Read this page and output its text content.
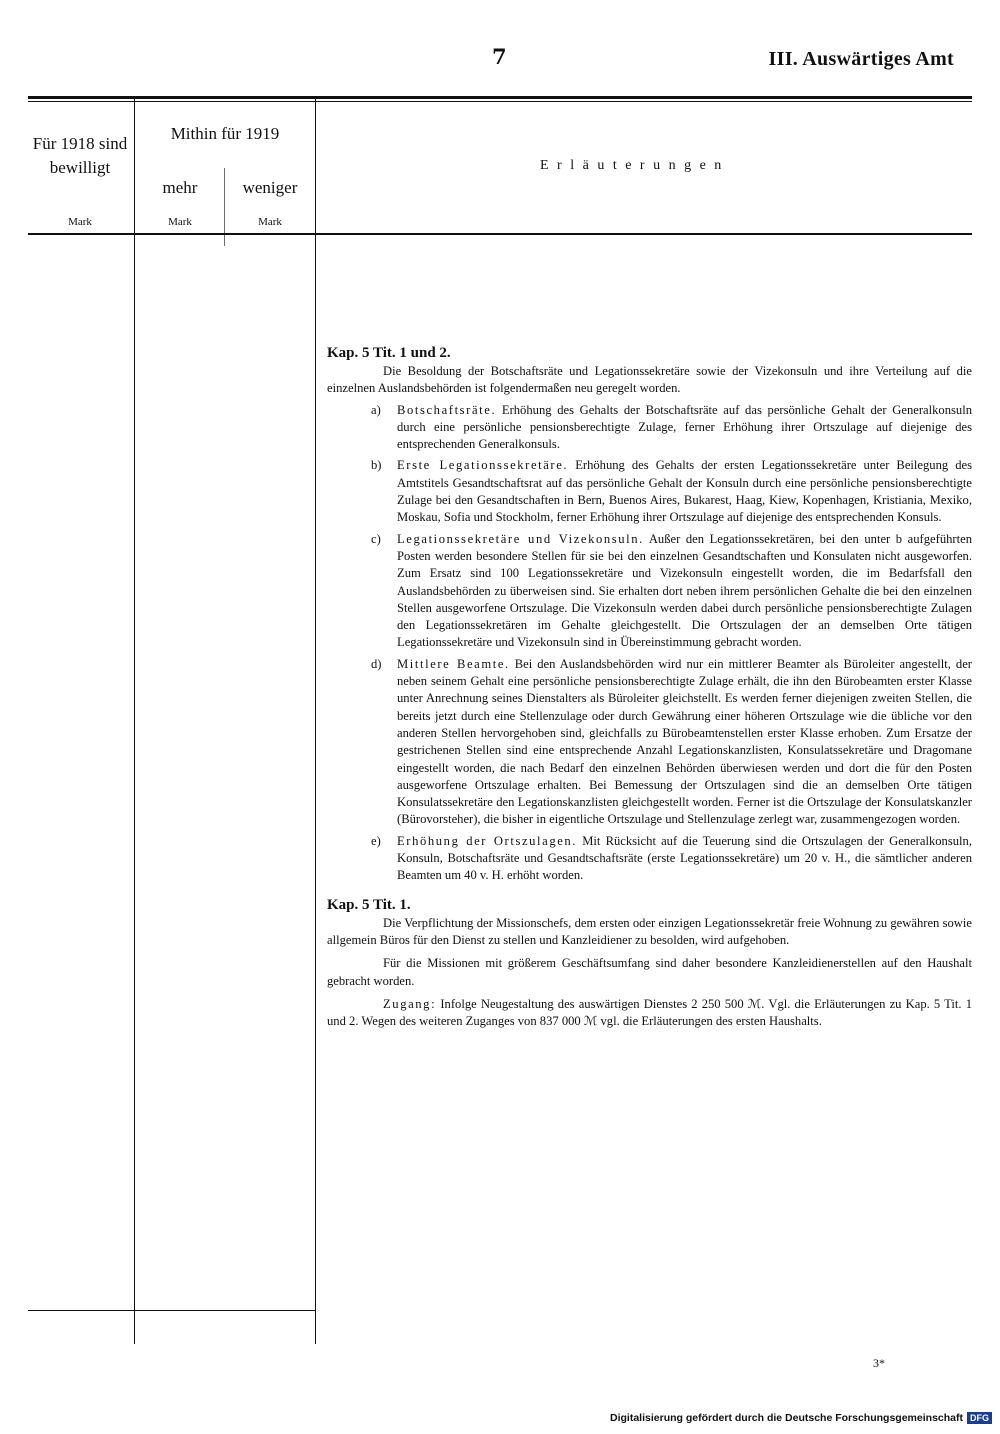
7	III. Auswärtiges Amt
Für 1918 sind bewilligt
Mithin für 1919
mehr	weniger
Mark	Mark	Mark
Erläuterungen

Kap. 5 Tit. 1 und 2.

Die Besoldung der Botschaftsräte und Legationssekretäre sowie der Vizekonsuln und ihre Verteilung auf die einzelnen Auslandsbehörden ist folgendermaßen neu geregelt worden.

a) Botschaftsräte. Erhöhung des Gehalts der Botschaftsräte auf das persönliche Gehalt der Generalkonsuln durch eine persönliche pensionsberechtigte Zulage, ferner Erhöhung ihrer Ortszulage auf diejenige des entsprechenden Generalkonsuls.

b) Erste Legationssekretäre. Erhöhung des Gehalts der ersten Legationssekretäre unter Beilegung des Amtstitels Gesandtschaftsrat auf das persönliche Gehalt der Konsuln durch eine persönliche pensionsberechtigte Zulage bei den Gesandtschaften in Bern, Buenos Aires, Bukarest, Haag, Kiew, Kopenhagen, Kristiania, Mexiko, Moskau, Sofia und Stockholm, ferner Erhöhung ihrer Ortszulage auf diejenige des entsprechenden Konsuls.

c) Legationssekretäre und Vizekonsuln. Außer den Legationssekretären, bei den unter b aufgeführten Posten werden besondere Stellen für sie bei den einzelnen Gesandtschaften und Konsulaten nicht ausgeworfen. Zum Ersatz sind 100 Legationssekretäre und Vizekonsuln eingestellt worden, die im Bedarfsfall den Auslandsbehörden zu überweisen sind. Sie erhalten dort neben ihrem persönlichen Gehalte die bei den einzelnen Stellen ausgeworfene Ortszulage. Die Vizekonsuln werden dabei durch persönliche pensionsberechtigte Zulagen den Legationssekretären im Gehalte gleichgestellt. Die Ortszulagen der an demselben Orte tätigen Legationssekretäre und Vizekonsuln sind in Übereinstimmung gebracht worden.

d) Mittlere Beamte. Bei den Auslandsbehörden wird nur ein mittlerer Beamter als Büroleiter angestellt, der neben seinem Gehalt eine persönliche pensionsberechtigte Zulage erhält, die ihn den Bürobeamten erster Klasse unter Anrechnung seines Dienstalters als Büroleiter gleichstellt. Es werden ferner diejenigen zweiten Stellen, die bereits jetzt durch eine Stellenzulage oder durch Gewährung einer höheren Ortszulage wie die übliche vor den anderen Stellen hervorgehoben sind, gleichfalls zu Bürobeamtenstellen erster Klasse erhoben. Zum Ersatze der gestrichenen Stellen sind eine entsprechende Anzahl Legationskanzlisten, Konsulatssekretäre und Dragomane eingestellt worden, die nach Bedarf den einzelnen Behörden überwiesen werden und dort die für den Posten ausgeworfene Ortszulage erhalten. Bei Bemessung der Ortszulagen sind die an demselben Orte tätigen Konsulatssekretäre den Legationskanzlisten gleichgestellt worden. Ferner ist die Ortszulage der Konsulatskanzler (Bürovorsteher), die bisher in eigentliche Ortszulage und Stellenzulage zerlegt war, zusammengezogen worden.

e) Erhöhung der Ortszulagen. Mit Rücksicht auf die Teuerung sind die Ortszulagen der Generalkonsuln, Konsuln, Botschaftsräte und Gesandtschaftsräte (erste Legationssekretäre) um 20 v. H., die sämtlicher anderen Beamten um 40 v. H. erhöht worden.

Kap. 5 Tit. 1.

Die Verpflichtung der Missionschefs, dem ersten oder einzigen Legationssekretär freie Wohnung zu gewähren sowie allgemein Büros für den Dienst zu stellen und Kanzleidiener zu besolden, wird aufgehoben.

Für die Missionen mit größerem Geschäftsumfang sind daher besondere Kanzleidienerstellen auf den Haushalt gebracht worden.

Zugang: Infolge Neugestaltung des auswärtigen Dienstes 2 250 500 ℳ. Vgl. die Erläuterungen zu Kap. 5 Tit. 1 und 2. Wegen des weiteren Zuganges von 837 000 ℳ vgl. die Erläuterungen des ersten Haushalts.

3*
Digitalisierung gefördert durch die Deutsche Forschungsgemeinschaft DFG
